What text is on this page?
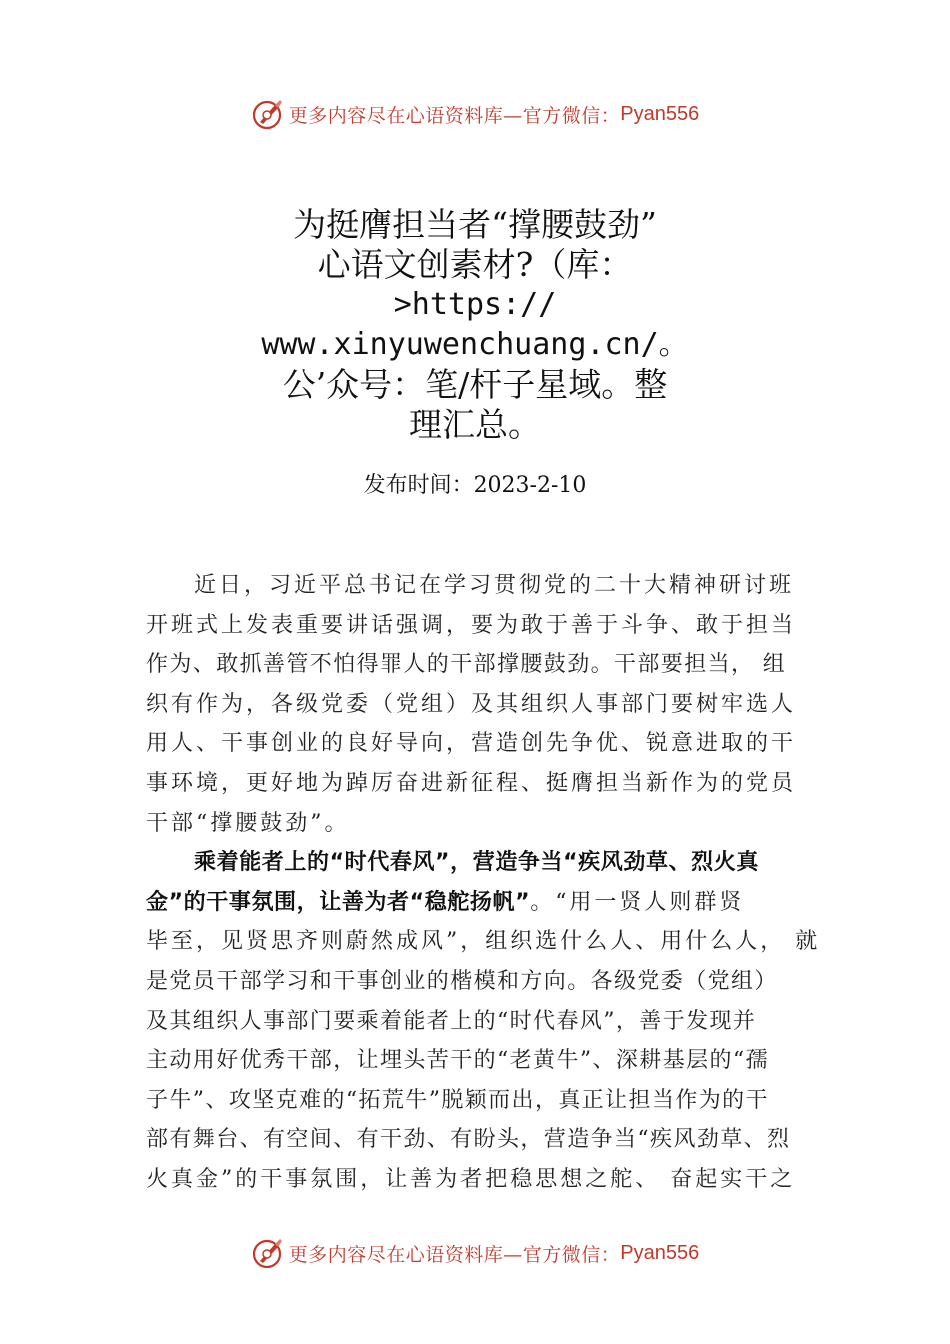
更多内容尽在心语资料库—官方微信： Pyan556
为挺膺担当者“撑腰鼓劲”
心语文创素材?（库：
>https://
www.xinyuwenchuang.cn/。
公’众号：笔/杆子星域。整
理汇总。
发布时间：2023-2-10
近日，习近平总书记在学习贯彻党的二十大精神研讨班
开班式上发表重要讲话强调，要为敢于善于斗争、敢于担当
作为、敢抓善管不怕得罪人的干部撑腰鼓劲。干部要担当， 组
织有作为，各级党委（党组）及其组织人事部门要树牢选人
用人、干事创业的良好导向，营造创先争优、锐意进取的干
事环境，更好地为踔厉奋进新征程、挺膺担当新作为的党员
干部“撑腰鼓劲”。
乘着能者上的“时代春风”，营造争当“疾风劲草、烈火真
金”的干事氛围，让善为者“稳舵扬帆”。“用一贤人则群贤
毕至，见贤思齐则蔚然成风”，组织选什么人、用什么人， 就
是党员干部学习和干事创业的楷模和方向。各级党委（党组）
及其组织人事部门要乘着能者上的“时代春风”，善于发现并
主动用好优秀干部，让埋头苦干的“老黄牛”、深耕基层的“孺
子牛”、攻坚克难的“拓荒牛”脱颖而出，真正让担当作为的干
部有舞台、有空间、有干劲、有盼头，营造争当“疾风劲草、烈
火真金”的干事氛围，让善为者把稳思想之舵、 奋起实干之
更多内容尽在心语资料库—官方微信： Pyan556
